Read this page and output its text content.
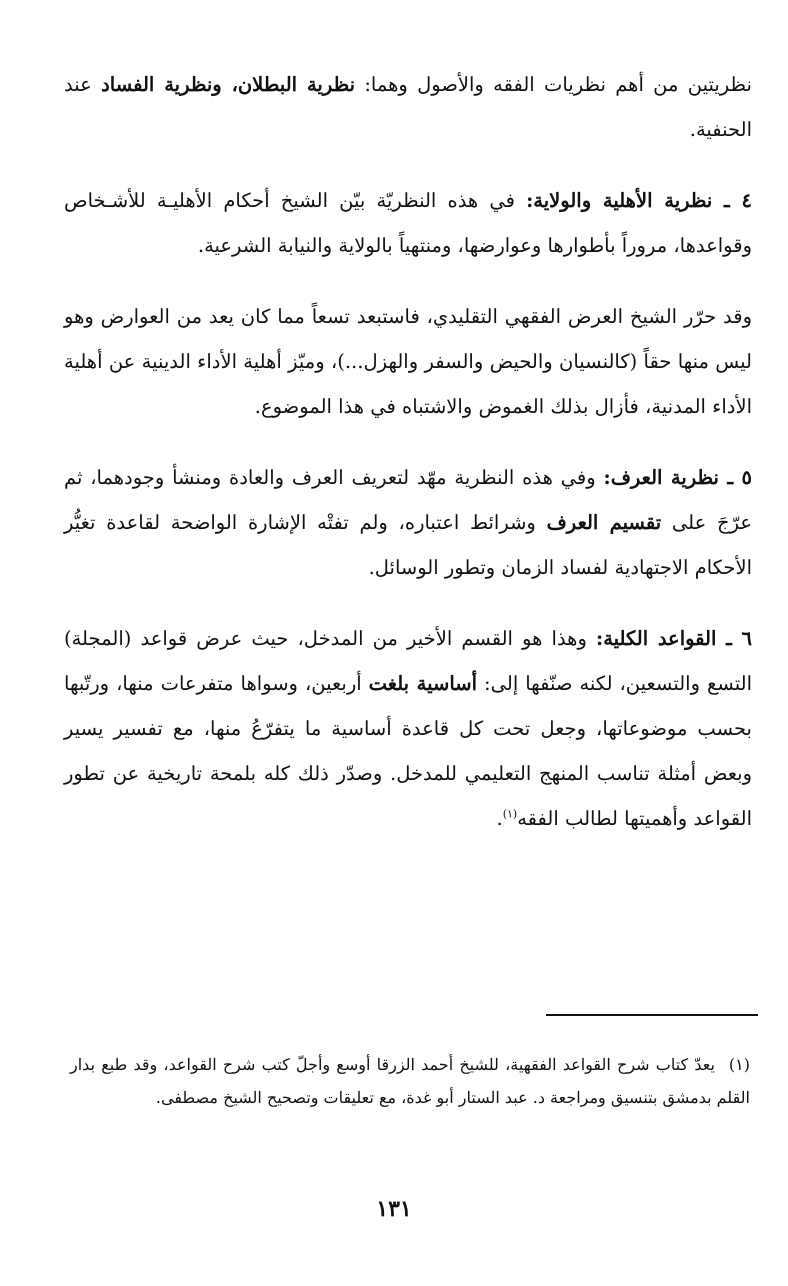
نظريتين من أهم نظريات الفقه والأصول وهما: نظرية البطلان، ونظرية الفساد عند الحنفية.

٤ ـ نظرية الأهلية والولاية: في هذه النظريّة بيّن الشيخ أحكام الأهليـة للأشـخاص وقواعدها، مروراً بأطوارها وعوارضها، ومنتهياً بالولاية والنيابة الشرعية.

وقد حرّر الشيخ العرض الفقهي التقليدي، فاستبعد تسعاً مما كان يعد من العوارض وهو ليس منها حقاً (كالنسيان والحيض والسفر والهزل...)، وميّز أهلية الأداء الدينية عن أهلية الأداء المدنية، فأزال بذلك الغموض والاشتباه في هذا الموضوع.

٥ ـ نظرية العرف: وفي هذه النظرية مهّد لتعريف العرف والعادة ومنشأ وجودهما، ثم عرّجَ على تقسيم العرف وشرائط اعتباره، ولم تفتْه الإشارة الواضحة لقاعدة تغيُّر الأحكام الاجتهادية لفساد الزمان وتطور الوسائل.

٦ ـ القواعد الكلية: وهذا هو القسم الأخير من المدخل، حيث عرض قواعد (المجلة) التسع والتسعين، لكنه صنّفها إلى: أساسية بلغت أربعين، وسواها متفرعات منها، ورتّبها بحسب موضوعاتها، وجعل تحت كل قاعدة أساسية ما يتفرّعُ منها، مع تفسير يسير وبعض أمثلة تناسب المنهج التعليمي للمدخل. وصدّر ذلك كله بلمحة تاريخية عن تطور القواعد وأهميتها لطالب الفقه$^{(١)}$.

(١)يعدّ كتاب شرح القواعد الفقهية، للشيخ أحمد الزرقا أوسع وأجلّ كتب شرح القواعد، وقد طبع بدار القلم بدمشق بتنسيق ومراجعة د. عبد الستار أبو غدة، مع تعليقات وتصحيح الشيخ مصطفى.
١٣١
